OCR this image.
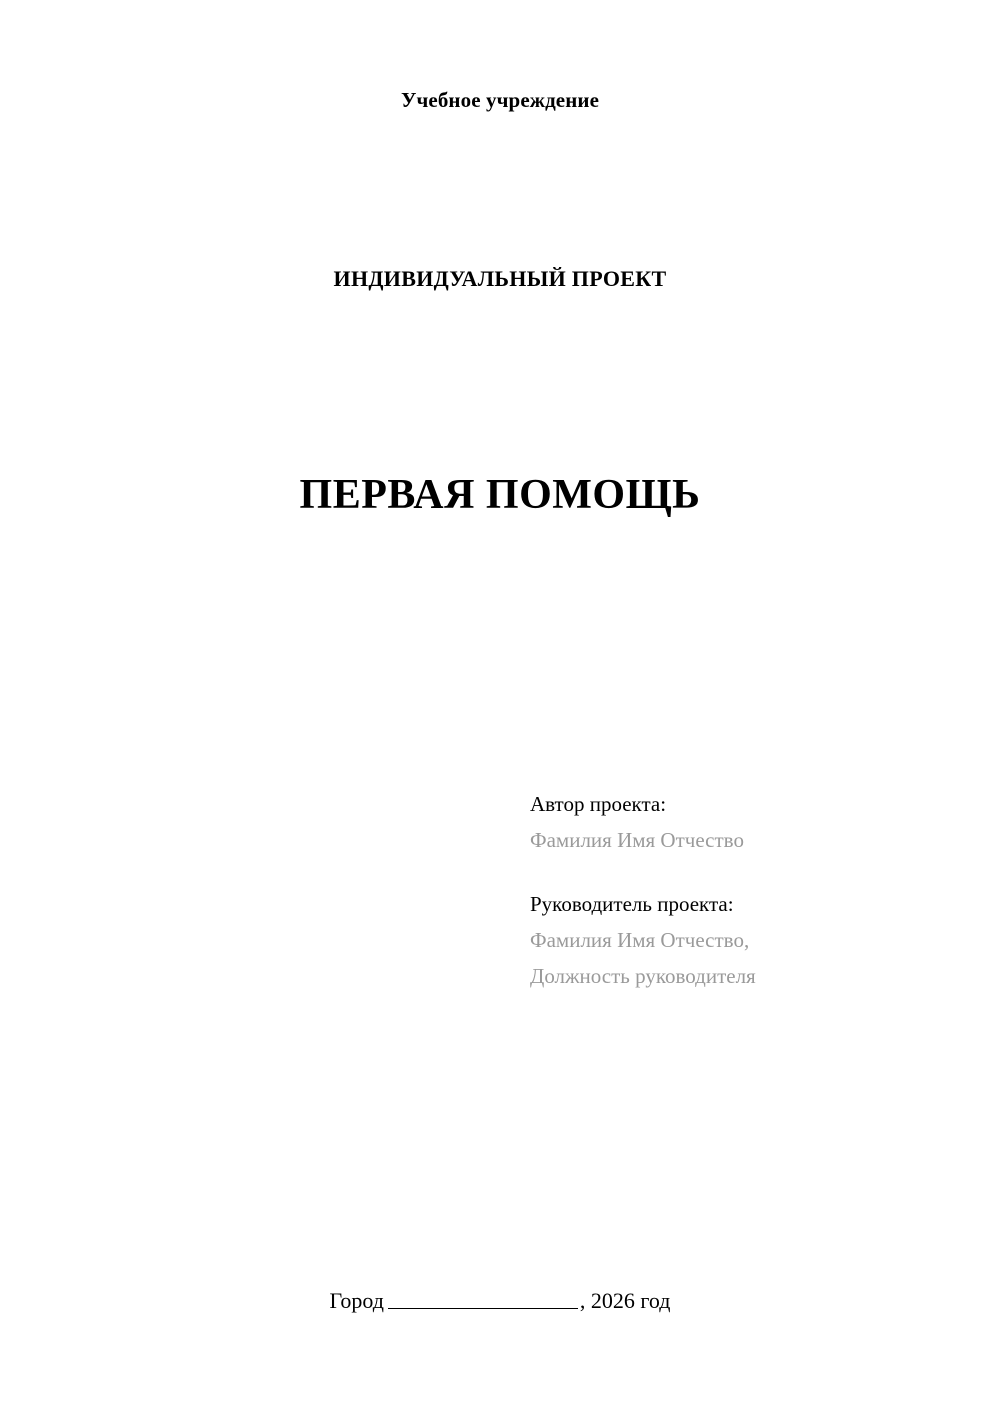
Учебное учреждение
ИНДИВИДУАЛЬНЫЙ ПРОЕКТ
ПЕРВАЯ ПОМОЩЬ
Автор проекта:
Фамилия Имя Отчество
Руководитель проекта:
Фамилия Имя Отчество,
Должность руководителя
Город	, 2026 год
